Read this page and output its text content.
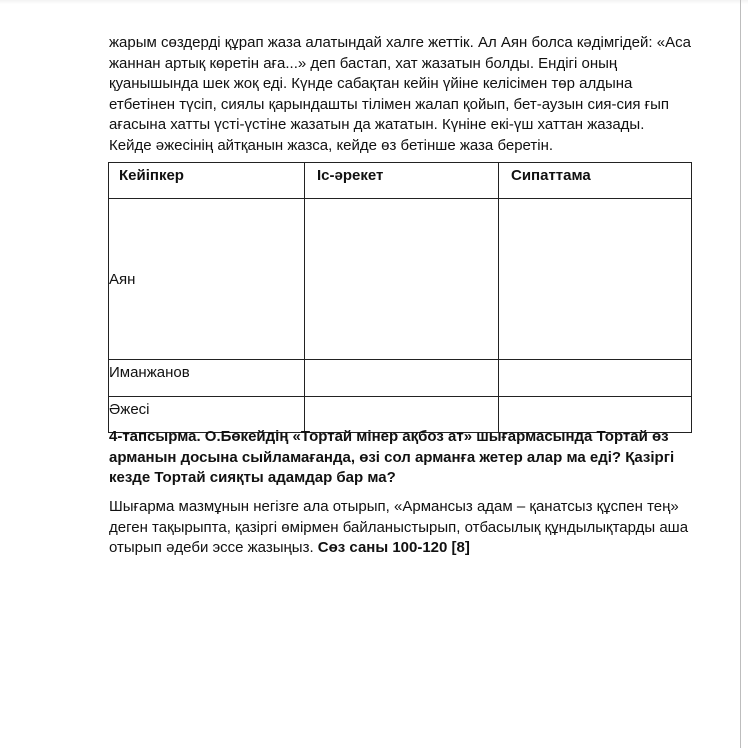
жарым сөздерді құрап жаза алатындай халге жеттік. Ал Аян болса кәдімгідей: «Аса
жаннан артық көретін аға...» деп бастап, хат жазатын болды. Ендігі оның
қуанышында шек жоқ еді. Күнде сабақтан кейін үйіне келісімен төр алдына
етбетінен түсіп, сиялы қарындашты тілімен жалап қойып, бет-аузын сия-сия ғып
ағасына хатты үсті-үстіне жазатын да жататын. Күніне екі-үш хаттан жазады.
Кейде әжесінің айтқанын жазса, кейде өз бетінше жаза беретін.
Кейіпкер	Іс-әрекет	Сипаттама

Аян		
Иманжанов		
Әжесі		
4-тапсырма. О.Бөкейдің «Тортай мінер ақбоз ат» шығармасында Тортай өз
арманын досына сыйламағанда, өзі сол арманға жетер алар ма еді? Қазіргі
кезде Тортай сияқты адамдар бар ма?
Шығарма мазмұнын негізге ала отырып, «Армансыз адам – қанатсыз құспен тең»
деген тақырыпта, қазіргі өмірмен байланыстырып, отбасылық құндылықтарды аша
отырып әдеби эссе жазыңыз. Сөз саны 100-120 [8]
